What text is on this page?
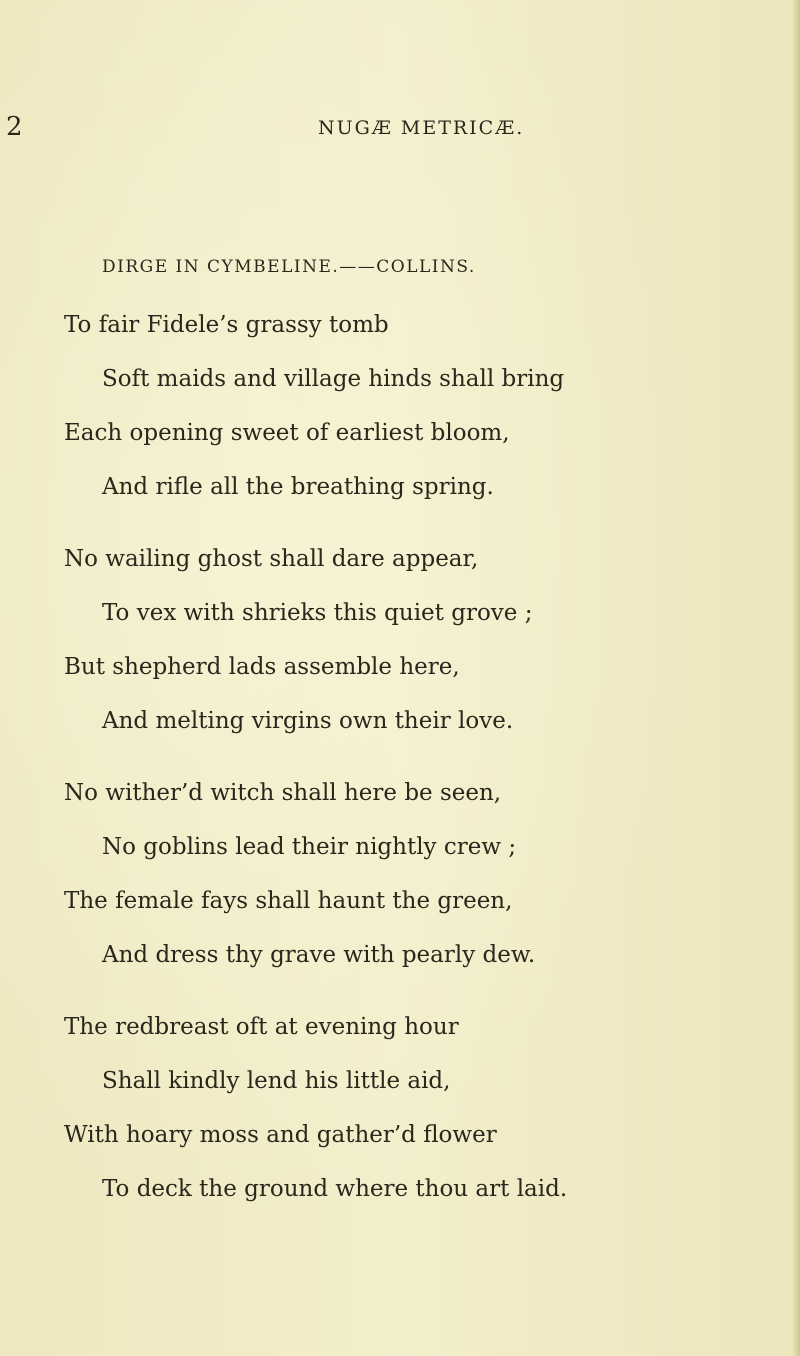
2	NUGÆ METRICÆ.
DIRGE IN CYMBELINE.——COLLINS.
To fair Fidele’s grassy tomb
Soft maids and village hinds shall bring
Each opening sweet of earliest bloom,
And rifle all the breathing spring.
No wailing ghost shall dare appear,
To vex with shrieks this quiet grove ;
But shepherd lads assemble here,
And melting virgins own their love.
No wither’d witch shall here be seen,
No goblins lead their nightly crew ;
The female fays shall haunt the green,
And dress thy grave with pearly dew.
The redbreast oft at evening hour
Shall kindly lend his little aid,
With hoary moss and gather’d flower
To deck the ground where thou art laid.
